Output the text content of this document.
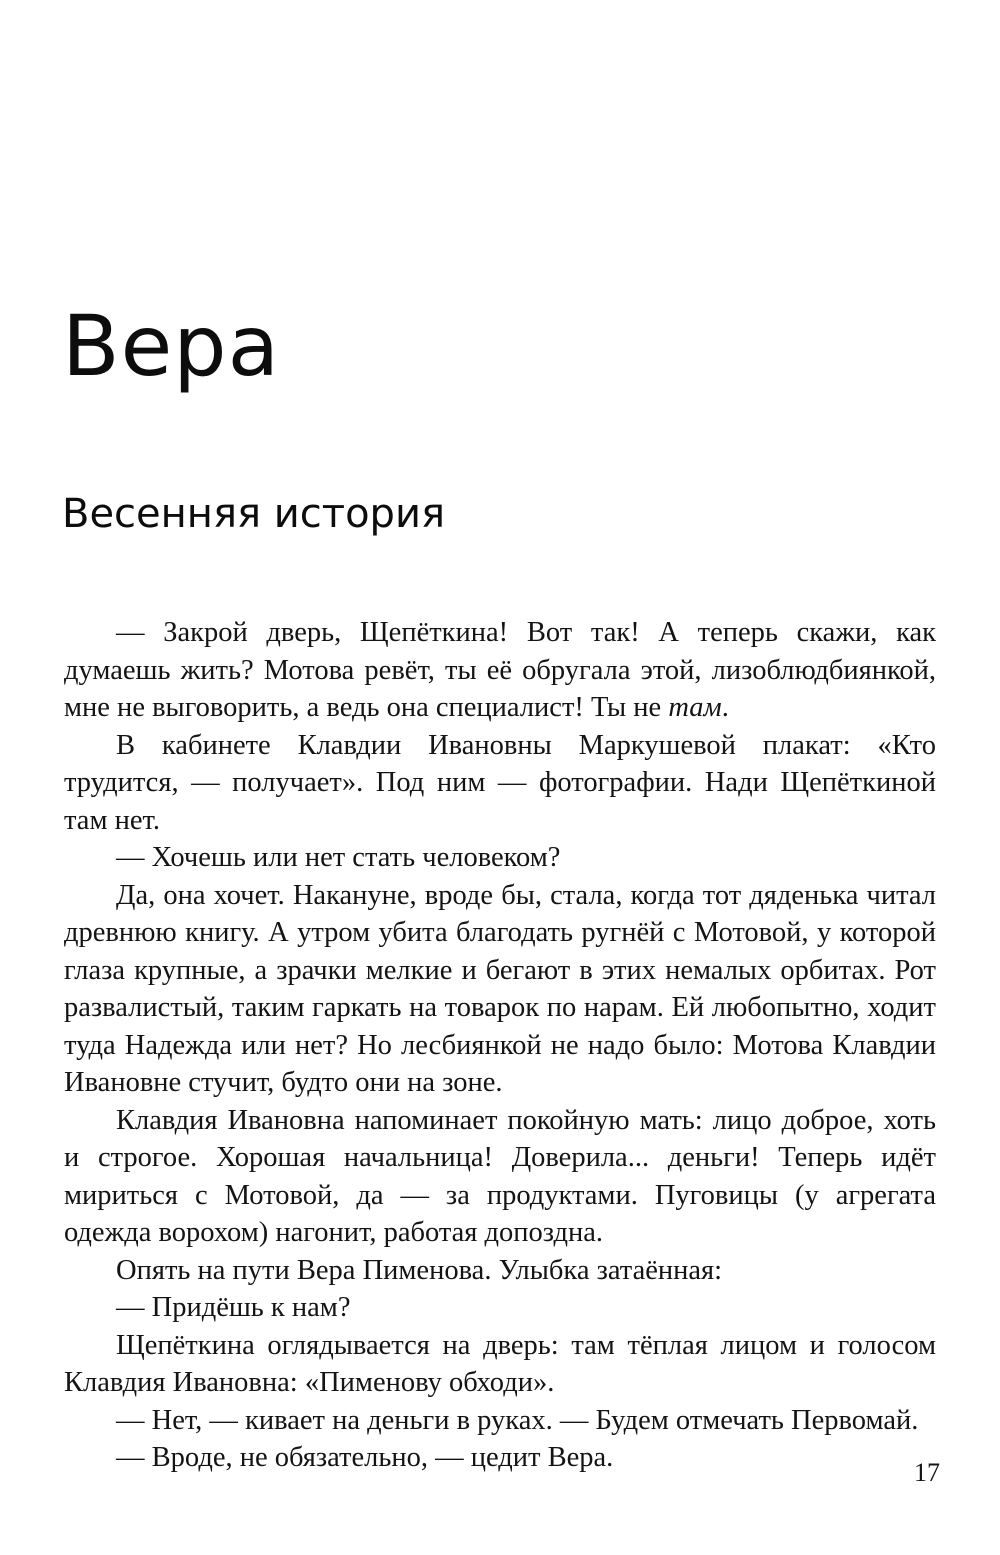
Вера
Весенняя история

— Закрой дверь, Щепёткина! Вот так! А теперь скажи, как думаешь жить? Мотова ревёт, ты её обругала этой, лизоблюдбиянкой, мне не выговорить, а ведь она специалист! Ты не там.

В кабинете Клавдии Ивановны Маркушевой плакат: «Кто трудится, — получает». Под ним — фотографии. Нади Щепёткиной там нет.

— Хочешь или нет стать человеком?

Да, она хочет. Накануне, вроде бы, стала, когда тот дяденька читал древнюю книгу. А утром убита благодать ругнёй с Мотовой, у которой глаза крупные, а зрачки мелкие и бегают в этих немалых орбитах. Рот развалистый, таким гаркать на товарок по нарам. Ей любопытно, ходит туда Надежда или нет? Но лесбиянкой не надо было: Мотова Клавдии Ивановне стучит, будто они на зоне.

Клавдия Ивановна напоминает покойную мать: лицо доброе, хоть и строгое. Хорошая начальница! Доверила... деньги! Теперь идёт мириться с Мотовой, да — за продуктами. Пуговицы (у агрегата одежда ворохом) нагонит, работая допоздна.

Опять на пути Вера Пименова. Улыбка затаённая:

— Придёшь к нам?

Щепёткина оглядывается на дверь: там тёплая лицом и голосом Клавдия Ивановна: «Пименову обходи».

— Нет, — кивает на деньги в руках. — Будем отмечать Первомай.

— Вроде, не обязательно, — цедит Вера.	17
